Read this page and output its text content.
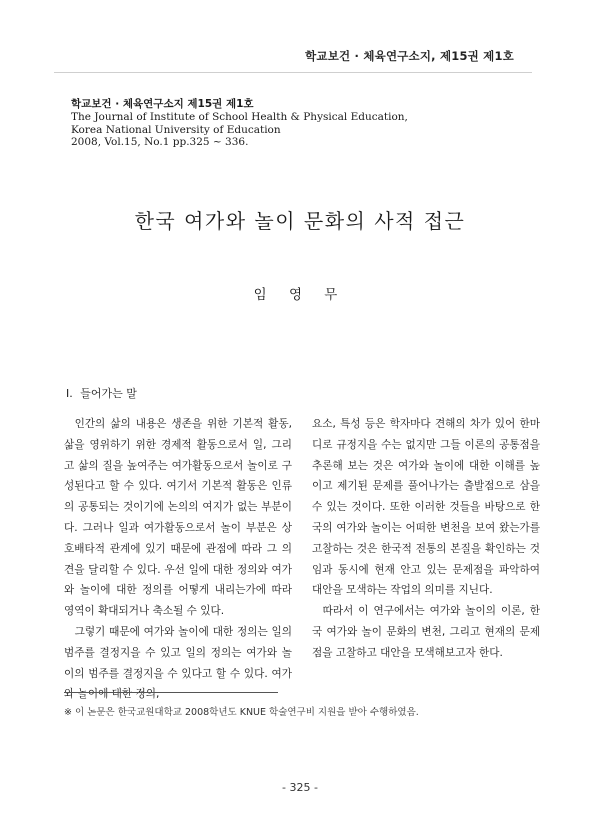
학교보건 · 체육연구소지, 제15권 제1호
학교보건 · 체육연구소지 제15권 제1호
The Journal of Institute of School Health & Physical Education,
Korea National University of Education
2008, Vol.15, No.1 pp.325 ~ 336.
한국 여가와 놀이 문화의 사적 접근
임 영 무
Ⅰ. 들어가는 말

인간의 삶의 내용은 생존을 위한 기본적 활동, 삶을 영위하기 위한 경제적 활동으로서 일, 그리고 삶의 질을 높여주는 여가활동으로서 놀이로 구성된다고 할 수 있다. 여기서 기본적 활동은 인류의 공통되는 것이기에 논의의 여지가 없는 부분이다. 그러나 일과 여가활동으로서 놀이 부분은 상호배타적 관계에 있기 때문에 관점에 따라 그 의견을 달리할 수 있다. 우선 일에 대한 정의와 여가와 놀이에 대한 정의를 어떻게 내리는가에 따라 영역이 확대되거나 축소될 수 있다.

그렇기 때문에 여가와 놀이에 대한 정의는 일의 범주를 결정지을 수 있고 일의 정의는 여가와 놀이의 범주를 결정지을 수 있다고 할 수 있다. 여가와 놀이에 대한 정의,

요소, 특성 등은 학자마다 견해의 차가 있어 한마디로 규정지을 수는 없지만 그들 이론의 공통점을 추론해 보는 것은 여가와 놀이에 대한 이해를 높이고 제기된 문제를 풀어나가는 출발점으로 삼을 수 있는 것이다. 또한 이러한 것들을 바탕으로 한국의 여가와 놀이는 어떠한 변천을 보여 왔는가를 고찰하는 것은 한국적 전통의 본질을 확인하는 것임과 동시에 현재 안고 있는 문제점을 파악하여 대안을 모색하는 작업의 의미를 지닌다.

따라서 이 연구에서는 여가와 놀이의 이론, 한국 여가와 놀이 문화의 변천, 그리고 현재의 문제점을 고찰하고 대안을 모색해보고자 한다.

※ 이 논문은 한국교원대학교 2008학년도 KNUE 학술연구비 지원을 받아 수행하였음.
- 325 -
